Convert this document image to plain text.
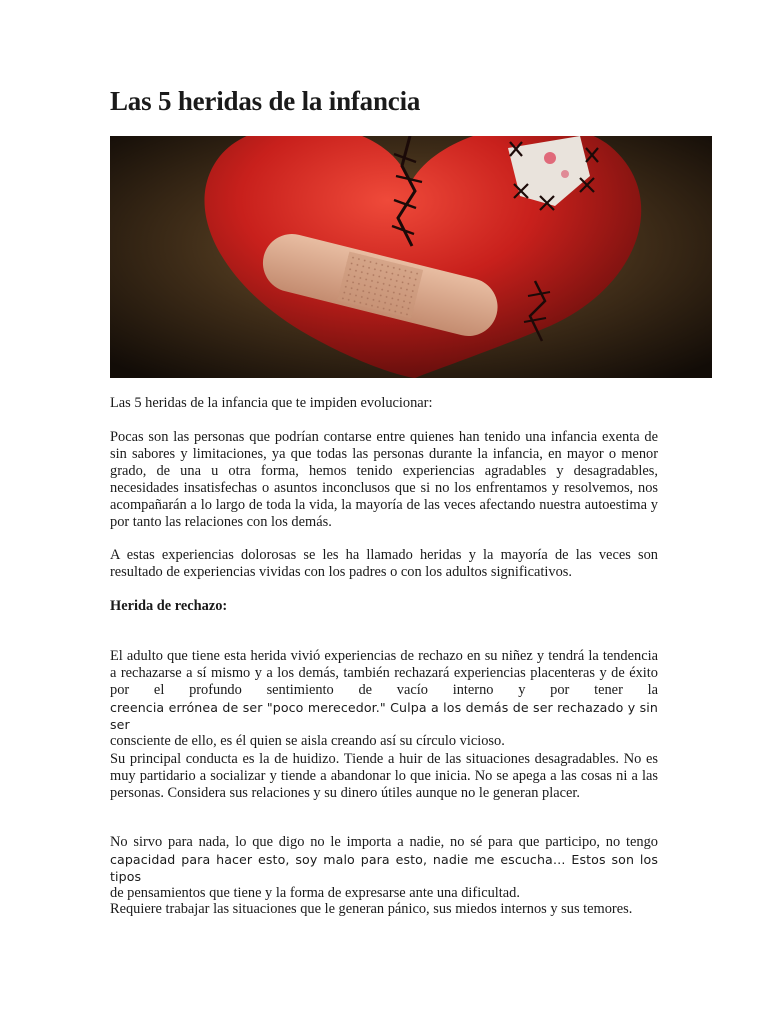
Las 5 heridas de la infancia

Las 5 heridas de la infancia que te impiden evolucionar:

Pocas son las personas que podrían contarse entre quienes han tenido una infancia exenta de sin sabores y limitaciones, ya que todas las personas durante la infancia, en mayor o menor grado, de una u otra forma, hemos tenido experiencias agradables y desagradables, necesidades insatisfechas o asuntos inconclusos que si no los enfrentamos y resolvemos, nos acompañarán a lo largo de toda la vida, la mayoría de las veces afectando nuestra autoestima y por tanto las relaciones con los demás.

A estas experiencias dolorosas se les ha llamado heridas y la mayoría de las veces son resultado de experiencias vividas con los padres o con los adultos significativos.

Herida de rechazo:

El adulto que tiene esta herida vivió experiencias de rechazo en su niñez y tendrá la tendencia a rechazarse a sí mismo y a los demás, también rechazará experiencias placenteras y de éxito por el profundo sentimiento de vacío interno y por tener la

creencia errónea de ser "poco merecedor." Culpa a los demás de ser rechazado y sin ser

consciente de ello, es él quien se aisla creando así su círculo vicioso.

Su principal conducta es la de huidizo. Tiende a huir de las situaciones desagradables. No es muy partidario a socializar y tiende a abandonar lo que inicia. No se apega a las cosas ni a las personas. Considera sus relaciones y su dinero útiles aunque no le generan placer.

No sirvo para nada, lo que digo no le importa a nadie, no sé para que participo, no tengo

capacidad para hacer esto, soy malo para esto, nadie me escucha… Estos son los tipos

de pensamientos que tiene y la forma de expresarse ante una dificultad.

Requiere trabajar las situaciones que le generan pánico, sus miedos internos y sus temores.
